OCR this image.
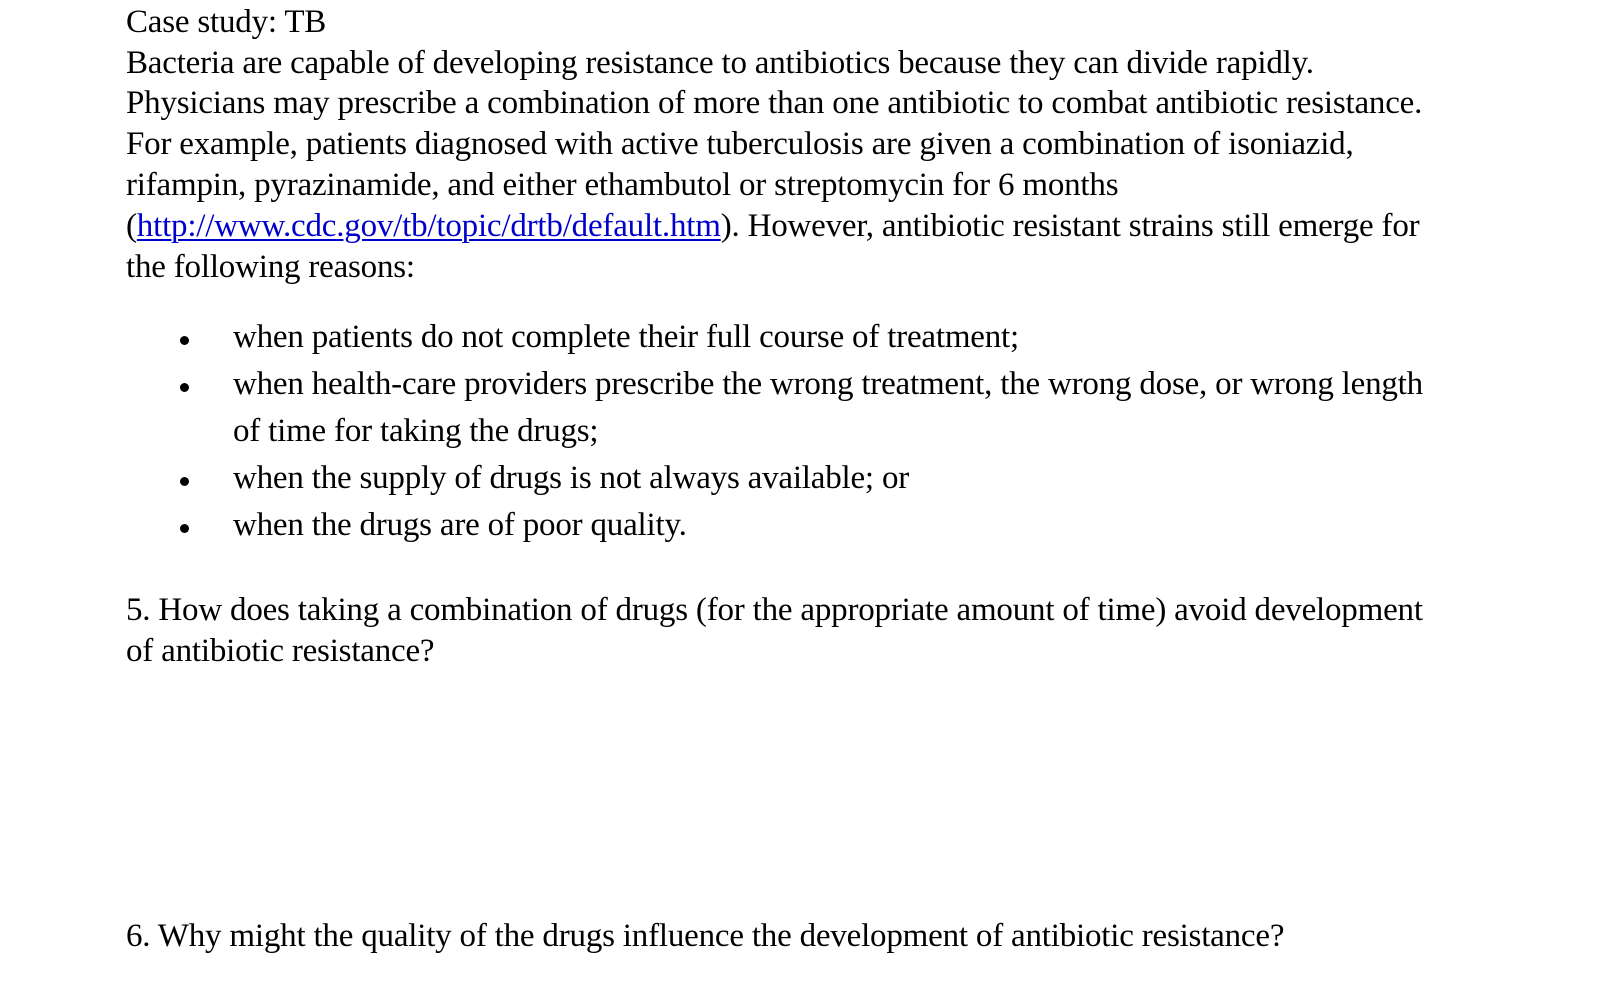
Case study: TB
Bacteria are capable of developing resistance to antibiotics because they can divide rapidly.
Physicians may prescribe a combination of more than one antibiotic to combat antibiotic resistance.
For example, patients diagnosed with active tuberculosis are given a combination of isoniazid,
rifampin, pyrazinamide, and either ethambutol or streptomycin for 6 months
(http://www.cdc.gov/tb/topic/drtb/default.htm). However, antibiotic resistant strains still emerge for
the following reasons:
when patients do not complete their full course of treatment;
when health-care providers prescribe the wrong treatment, the wrong dose, or wrong length
of time for taking the drugs;
when the supply of drugs is not always available; or
when the drugs are of poor quality.
5. How does taking a combination of drugs (for the appropriate amount of time) avoid development
of antibiotic resistance?
6. Why might the quality of the drugs influence the development of antibiotic resistance?
